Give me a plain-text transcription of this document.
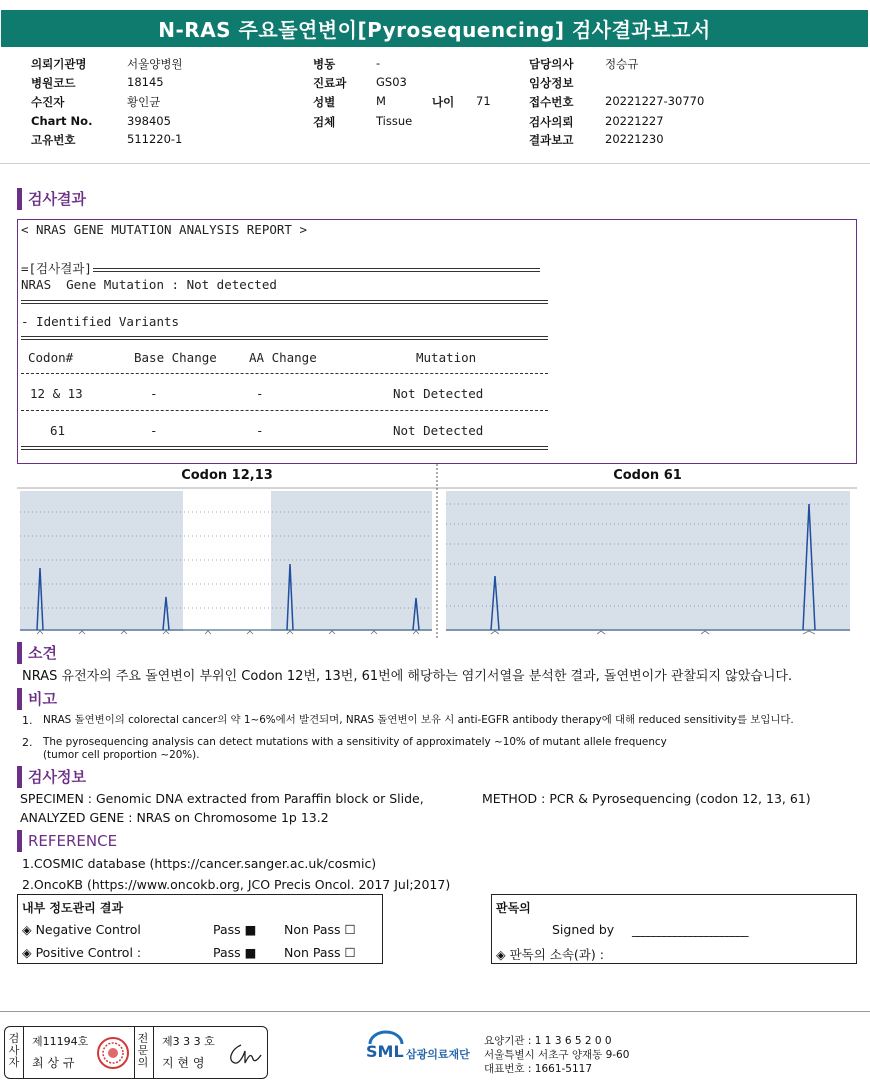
N-RAS 주요돌연변이[Pyrosequencing] 검사결과보고서
의뢰기관명	서울양병원	병동	-	담당의사	정승규
병원코드	18145	진료과	GS03	임상정보
수진자	황인균	성별	M	나이 71	접수번호	20221227-30770
Chart No.	398405	검체	Tissue	검사의뢰	20221227
고유번호	511220-1	결과보고	20221230
검사결과
< NRAS GENE MUTATION ANALYSIS REPORT >
=[검사결과]
NRAS  Gene Mutation : Not detected
- Identified Variants
Codon#	Base Change	AA Change	Mutation
12 & 13	-	-	Not Detected
61	-	-	Not Detected
Codon 12,13	Codon 61
소견
NRAS 유전자의 주요 돌연변이 부위인 Codon 12번, 13번, 61번에 해당하는 염기서열을 분석한 결과, 돌연변이가 관찰되지 않았습니다.
비고
1. NRAS 돌연변이의 colorectal cancer의 약 1~6%에서 발견되며, NRAS 돌연변이 보유 시 anti-EGFR antibody therapy에 대해 reduced sensitivity를 보입니다.
2. The pyrosequencing analysis can detect mutations with a sensitivity of approximately ~10% of mutant allele frequency
(tumor cell proportion ~20%).
검사정보
SPECIMEN : Genomic DNA extracted from Paraffin block or Slide,	METHOD : PCR & Pyrosequencing (codon 12, 13, 61)
ANALYZED GENE : NRAS on Chromosome 1p 13.2
REFERENCE
1.COSMIC database (https://cancer.sanger.ac.uk/cosmic)
2.OncoKB (https://www.oncokb.org, JCO Precis Oncol. 2017 Jul;2017)
내부 정도관리 결과
◈ Negative Control	Pass ■ Non Pass ☐
◈ Positive Control :	Pass ■ Non Pass ☐
판독의
Signed by ______________________
◈ 판독의 소속(과) :
검
사
자
제11194호
최 상 규
전
문
의
제3 3 3 호
지 현 영
SML 삼광의료재단
요양기관 : 1 1 3 6 5 2 0 0
서울특별시 서초구 양재동 9-60
대표번호 : 1661-5117
